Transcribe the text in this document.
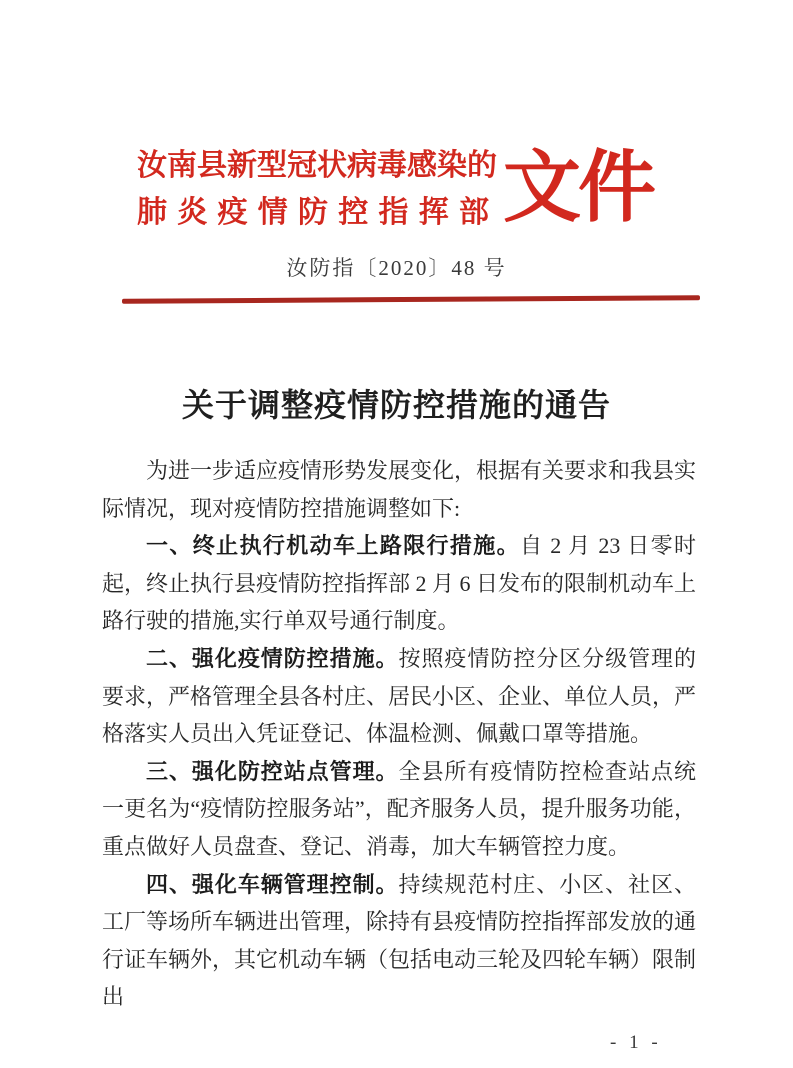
汝南县新型冠状病毒感染的
肺炎疫情防控指挥部 文件
汝防指〔2020〕48 号
关于调整疫情防控措施的通告

为进一步适应疫情形势发展变化，根据有关要求和我县实际情况，现对疫情防控措施调整如下:

一、终止执行机动车上路限行措施。自 2 月 23 日零时起，终止执行县疫情防控指挥部 2 月 6 日发布的限制机动车上路行驶的措施,实行单双号通行制度。

二、强化疫情防控措施。按照疫情防控分区分级管理的要求，严格管理全县各村庄、居民小区、企业、单位人员，严格落实人员出入凭证登记、体温检测、佩戴口罩等措施。

三、强化防控站点管理。全县所有疫情防控检查站点统一更名为“疫情防控服务站”，配齐服务人员，提升服务功能，重点做好人员盘查、登记、消毒，加大车辆管控力度。

四、强化车辆管理控制。持续规范村庄、小区、社区、工厂等场所车辆进出管理，除持有县疫情防控指挥部发放的通行证车辆外，其它机动车辆（包括电动三轮及四轮车辆）限制出

- 1 -
